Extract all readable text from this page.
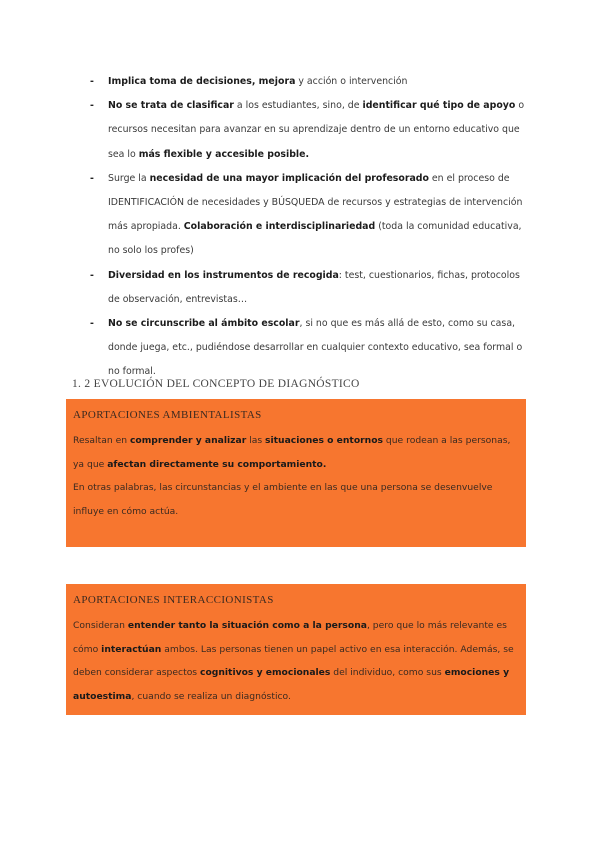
- Implica toma de decisiones, mejora y acción o intervención

- No se trata de clasificar a los estudiantes, sino, de identificar qué tipo de apoyo o recursos necesitan para avanzar en su aprendizaje dentro de un entorno educativo que sea lo más flexible y accesible posible.

- Surge la necesidad de una mayor implicación del profesorado en el proceso de IDENTIFICACIÓN de necesidades y BÚSQUEDA de recursos y estrategias de intervención más apropiada. Colaboración e interdisciplinariedad (toda la comunidad educativa, no solo los profes)

- Diversidad en los instrumentos de recogida: test, cuestionarios, fichas, protocolos de observación, entrevistas…

- No se circunscribe al ámbito escolar, si no que es más allá de esto, como su casa, donde juega, etc., pudiéndose desarrollar en cualquier contexto educativo, sea formal o no formal.

1. 2 EVOLUCIÓN DEL CONCEPTO DE DIAGNÓSTICO
APORTACIONES AMBIENTALISTAS

Resaltan en comprender y analizar las situaciones o entornos que rodean a las personas, ya que afectan directamente su comportamiento.

En otras palabras, las circunstancias y el ambiente en las que una persona se desenvuelve influye en cómo actúa.

APORTACIONES INTERACCIONISTAS

Consideran entender tanto la situación como a la persona, pero que lo más relevante es cómo interactúan ambos. Las personas tienen un papel activo en esa interacción. Además, se deben considerar aspectos cognitivos y emocionales del individuo, como sus emociones y autoestima, cuando se realiza un diagnóstico.
